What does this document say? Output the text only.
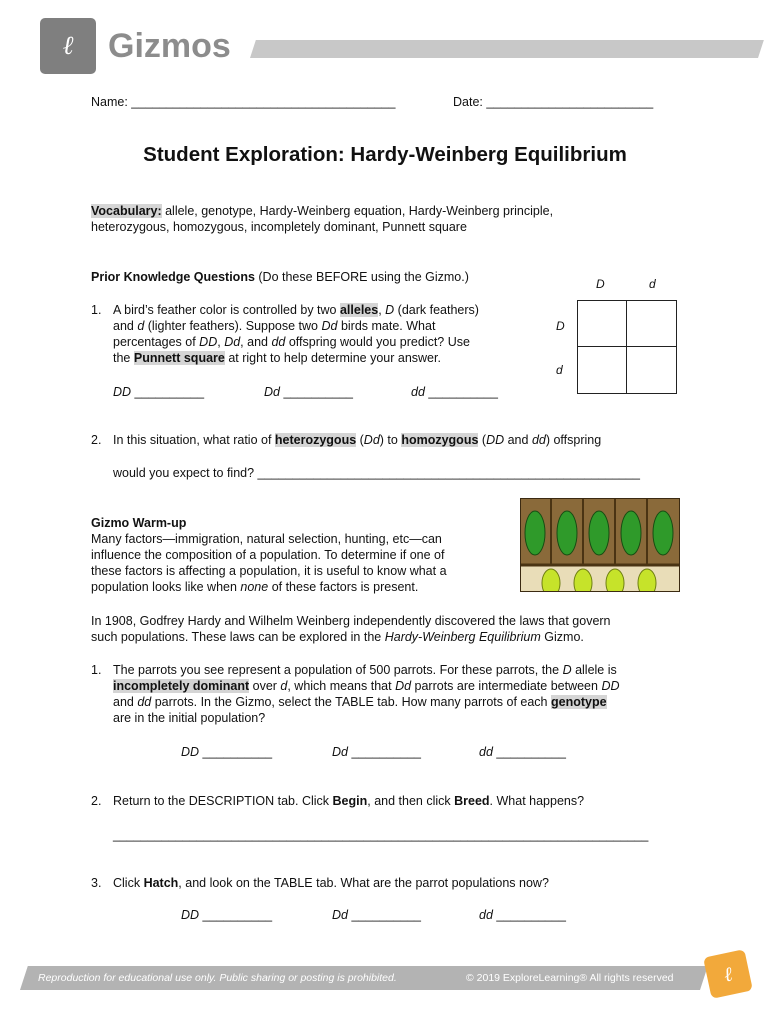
ℓ	Gizmos
Name: ______________________________________	Date: ________________________
Student Exploration: Hardy-Weinberg Equilibrium
Vocabulary: allele, genotype, Hardy-Weinberg equation, Hardy-Weinberg principle,
heterozygous, homozygous, incompletely dominant, Punnett square
Prior Knowledge Questions (Do these BEFORE using the Gizmo.)
1. A bird’s feather color is controlled by two alleles, D (dark feathers)
and d (lighter feathers). Suppose two Dd birds mate. What
percentages of DD, Dd, and dd offspring would you predict? Use
the Punnett square at right to help determine your answer.
DD __________	Dd __________	dd __________
D	d
D
d
2. In this situation, what ratio of heterozygous (Dd) to homozygous (DD and dd) offspring
would you expect to find? _______________________________________________________
Gizmo Warm-up
Many factors—immigration, natural selection, hunting, etc—can
influence the composition of a population. To determine if one of
these factors is affecting a population, it is useful to know what a
population looks like when none of these factors is present.
In 1908, Godfrey Hardy and Wilhelm Weinberg independently discovered the laws that govern
such populations. These laws can be explored in the Hardy-Weinberg Equilibrium Gizmo.
1. The parrots you see represent a population of 500 parrots. For these parrots, the D allele is
incompletely dominant over d, which means that Dd parrots are intermediate between DD
and dd parrots. In the Gizmo, select the TABLE tab. How many parrots of each genotype
are in the initial population?
DD __________	Dd __________	dd __________
2. Return to the DESCRIPTION tab. Click Begin, and then click Breed. What happens?
_____________________________________________________________________________
3. Click Hatch, and look on the TABLE tab. What are the parrot populations now?
DD __________	Dd __________	dd __________
Reproduction for educational use only. Public sharing or posting is prohibited.	© 2019 ExploreLearning® All rights reserved	ℓ
